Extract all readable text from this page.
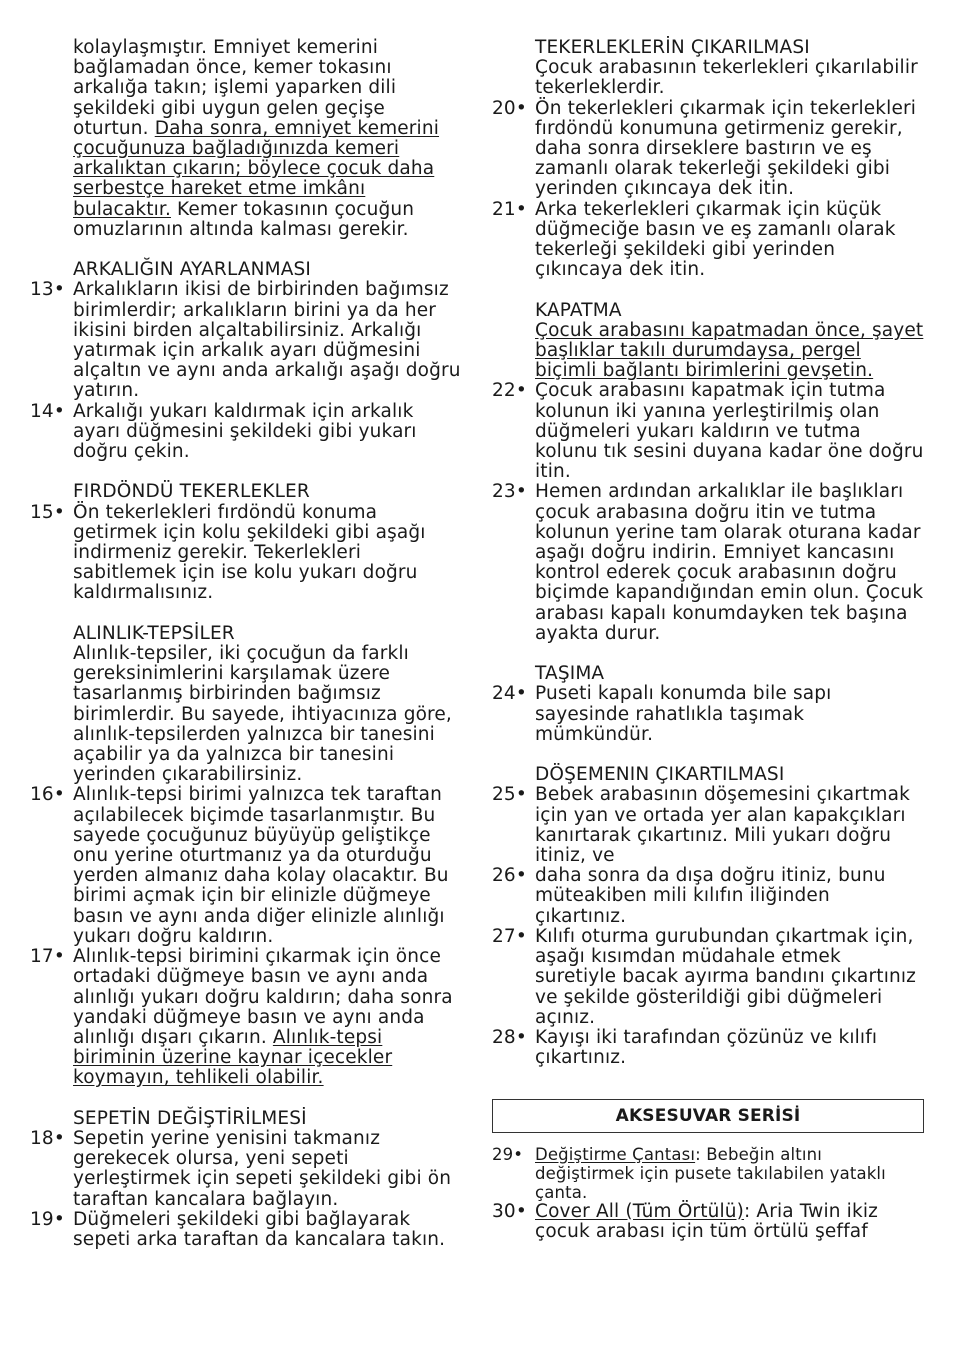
kolaylaşmıştır. Emniyet kemerini bağlamadan önce, kemer tokasını arkalığa takın; işlemi yaparken dili şekildeki gibi uygun gelen geçişe oturtun. Daha sonra, emniyet kemerini çocuğunuza bağladığınızda kemeri arkalıktan çıkarın; böylece çocuk daha serbestçe hareket etme imkânı bulacaktır. Kemer tokasının çocuğun omuzlarının altında kalması gerekir.
ARKALIĞIN AYARLANMASI
13• Arkalıkların ikisi de birbirinden bağımsız birimlerdir; arkalıkların birini ya da her ikisini birden alçaltabilirsiniz. Arkalığı yatırmak için arkalık ayarı düğmesini alçaltın ve aynı anda arkalığı aşağı doğru yatırın.
14• Arkalığı yukarı kaldırmak için arkalık ayarı düğmesini şekildeki gibi yukarı doğru çekin.
FIRDÖNDÜ TEKERLEKLER
15• Ön tekerlekleri fırdöndü konuma getirmek için kolu şekildeki gibi aşağı indirmeniz gerekir. Tekerlekleri sabitlemek için ise kolu yukarı doğru kaldırmalısınız.
ALINLIK-TEPSİLER
Alınlık-tepsiler, iki çocuğun da farklı gereksinimlerini karşılamak üzere tasarlanmış birbirinden bağımsız birimlerdir. Bu sayede, ihtiyacınıza göre, alınlık-tepsilerden yalnızca bir tanesini açabilir ya da yalnızca bir tanesini yerinden çıkarabilirsiniz.
16• Alınlık-tepsi birimi yalnızca tek taraftan açılabilecek biçimde tasarlanmıştır. Bu sayede çocuğunuz büyüyüp geliştikçe onu yerine oturtmanız ya da oturduğu yerden almanız daha kolay olacaktır. Bu birimi açmak için bir elinizle düğmeye basın ve aynı anda diğer elinizle alınlığı yukarı doğru kaldırın.
17• Alınlık-tepsi birimini çıkarmak için önce ortadaki düğmeye basın ve aynı anda alınlığı yukarı doğru kaldırın; daha sonra yandaki düğmeye basın ve aynı anda alınlığı dışarı çıkarın. Alınlık-tepsi biriminin üzerine kaynar içecekler koymayın, tehlikeli olabilir.
SEPETİN DEĞİŞTİRİLMESİ
18• Sepetin yerine yenisini takmanız gerekecek olursa, yeni sepeti yerleştirmek için sepeti şekildeki gibi ön taraftan kancalara bağlayın.
19• Düğmeleri şekildeki gibi bağlayarak sepeti arka taraftan da kancalara takın.
TEKERLEKLERİN ÇIKARILMASI
Çocuk arabasının tekerlekleri çıkarılabilir tekerleklerdir.
20• Ön tekerlekleri çıkarmak için tekerlekleri fırdöndü konumuna getirmeniz gerekir, daha sonra dirseklere bastırın ve eş zamanlı olarak tekerleği şekildeki gibi yerinden çıkıncaya dek itin.
21• Arka tekerlekleri çıkarmak için küçük düğmeciğe basın ve eş zamanlı olarak tekerleği şekildeki gibi yerinden çıkıncaya dek itin.
KAPATMA
Çocuk arabasını kapatmadan önce, şayet başlıklar takılı durumdaysa, pergel biçimli bağlantı birimlerini gevşetin.
22• Çocuk arabasını kapatmak için tutma kolunun iki yanına yerleştirilmiş olan düğmeleri yukarı kaldırın ve tutma kolunu tık sesini duyana kadar öne doğru itin.
23• Hemen ardından arkalıklar ile başlıkları çocuk arabasına doğru itin ve tutma kolunun yerine tam olarak oturana kadar aşağı doğru indirin. Emniyet kancasını kontrol ederek çocuk arabasının doğru biçimde kapandığından emin olun. Çocuk arabası kapalı konumdayken tek başına ayakta durur.
TAŞIMA
24• Puseti kapalı konumda bile sapı sayesinde rahatlıkla taşımak mümkündür.
DÖŞEMENIN ÇIKARTILMASI
25• Bebek arabasının döşemesini çıkartmak için yan ve ortada yer alan kapakçıkları kanırtarak çıkartınız. Mili yukarı doğru itiniz, ve
26• daha sonra da dışa doğru itiniz, bunu müteakiben mili kılıfın iliğinden çıkartınız.
27• Kılıfı oturma gurubundan çıkartmak için, aşağı kısımdan müdahale etmek suretiyle bacak ayırma bandını çıkartınız ve şekilde gösterildiği gibi düğmeleri açınız.
28• Kayışı iki tarafından çözünüz ve kılıfı çıkartınız.
AKSESUVAR SERİSİ
29• Değiştirme Çantası: Bebeğin altını değiştirmek için pusete takılabilen yataklı çanta.
30• Cover All (Tüm Örtülü): Aria Twin ikiz çocuk arabası için tüm örtülü şeffaf
